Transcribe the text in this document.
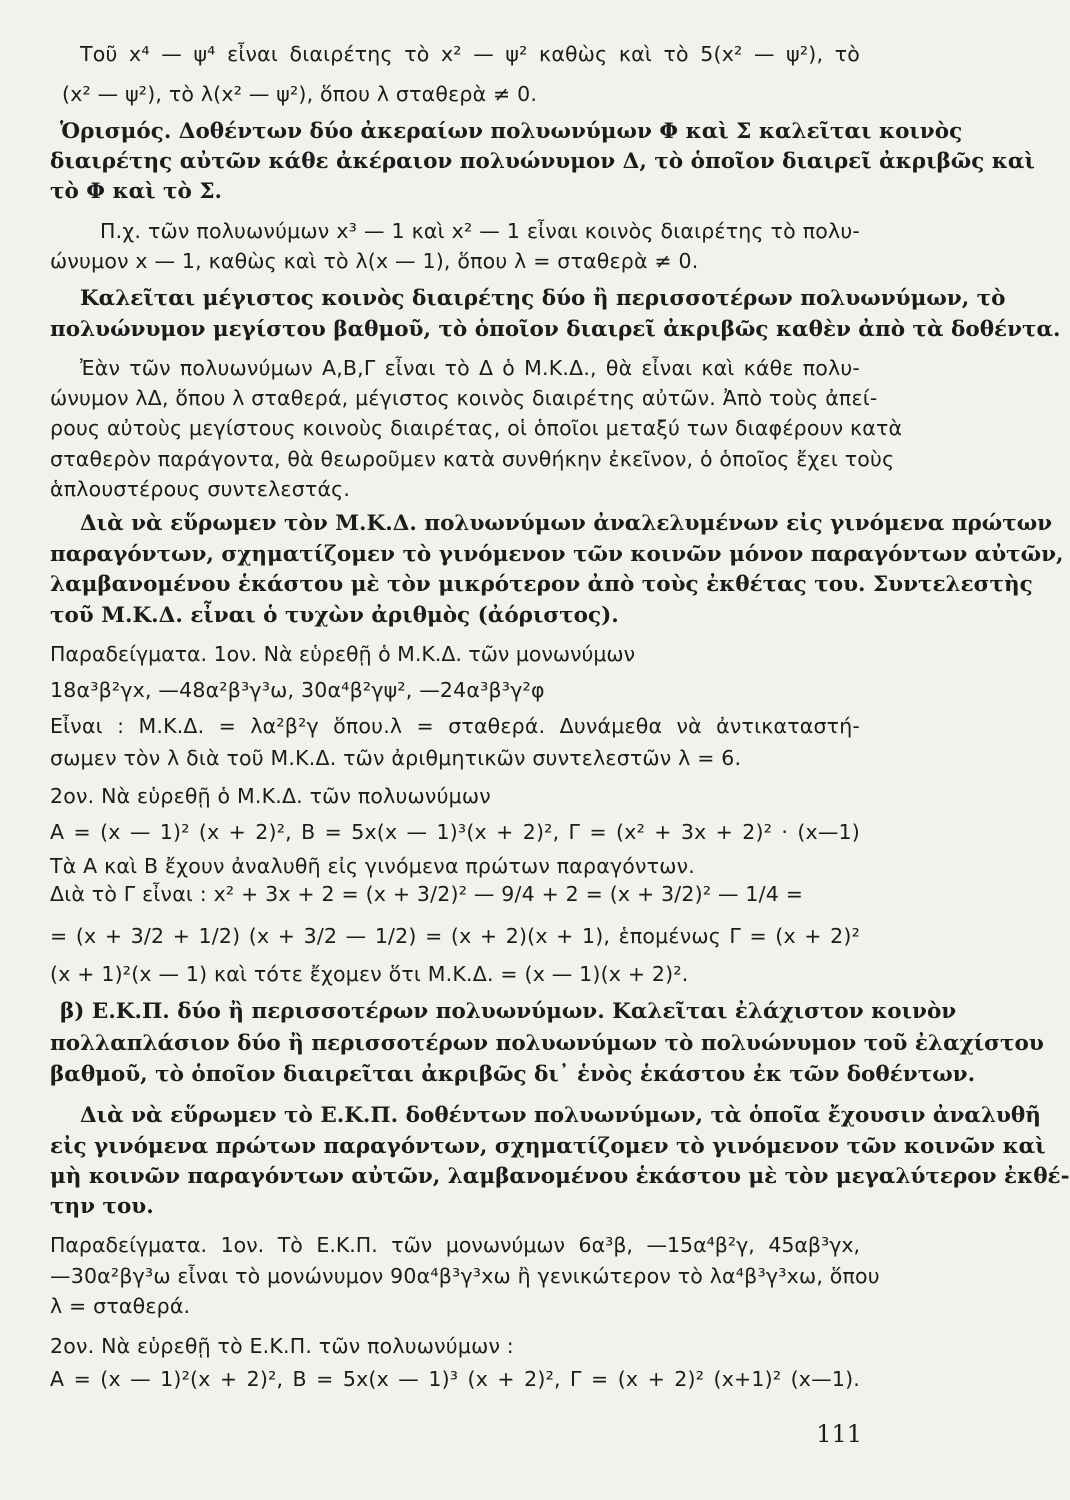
Τοῦ x⁴ — ψ⁴ εἶναι διαιρέτης τὸ x² — ψ² καθὼς καὶ τὸ 5(x² — ψ²), τὸ
(x² — ψ²), τὸ λ(x² — ψ²), ὅπου λ σταθερὰ ≠ 0.
Ὁρισμός. Δοθέντων δύο ἀκεραίων πολυωνύμων Φ καὶ Σ καλεῖται κοινὸς
διαιρέτης αὐτῶν κάθε ἀκέραιον πολυώνυμον Δ, τὸ ὁποῖον διαιρεῖ ἀκριβῶς καὶ
τὸ Φ καὶ τὸ Σ.
Π.χ. τῶν πολυωνύμων x³ — 1 καὶ x² — 1 εἶναι κοινὸς διαιρέτης τὸ πολυ-
ώνυμον x — 1, καθὼς καὶ τὸ λ(x — 1), ὅπου λ = σταθερὰ ≠ 0.
Καλεῖται μέγιστος κοινὸς διαιρέτης δύο ἢ περισσοτέρων πολυωνύμων, τὸ
πολυώνυμον μεγίστου βαθμοῦ, τὸ ὁποῖον διαιρεῖ ἀκριβῶς καθὲν ἀπὸ τὰ δοθέντα.
Ἐὰν τῶν πολυωνύμων Α,Β,Γ εἶναι τὸ Δ ὁ Μ.Κ.Δ., θὰ εἶναι καὶ κάθε πολυ-
ώνυμον λΔ, ὅπου λ σταθερά, μέγιστος κοινὸς διαιρέτης αὐτῶν. Ἀπὸ τοὺς ἀπεί-
ρους αὐτοὺς μεγίστους κοινοὺς διαιρέτας, οἱ ὁποῖοι μεταξύ των διαφέρουν κατὰ
σταθερὸν παράγοντα, θὰ θεωροῦμεν κατὰ συνθήκην ἐκεῖνον, ὁ ὁποῖος ἔχει τοὺς
ἁπλουστέρους συντελεστάς.
Διὰ νὰ εὕρωμεν τὸν Μ.Κ.Δ. πολυωνύμων ἀναλελυμένων εἰς γινόμενα πρώτων
παραγόντων, σχηματίζομεν τὸ γινόμενον τῶν κοινῶν μόνον παραγόντων αὐτῶν,
λαμβανομένου ἑκάστου μὲ τὸν μικρότερον ἀπὸ τοὺς ἐκθέτας του. Συντελεστὴς
τοῦ Μ.Κ.Δ. εἶναι ὁ τυχὼν ἀριθμὸς (ἀόριστος).
Παραδείγματα. 1ον. Νὰ εὑρεθῇ ὁ Μ.Κ.Δ. τῶν μονωνύμων
18α³β²γx, —48α²β³γ³ω, 30α⁴β²γψ², —24α³β³γ²φ
Εἶναι : Μ.Κ.Δ. = λα²β²γ ὅπου.λ = σταθερά. Δυνάμεθα νὰ ἀντικαταστή-
σωμεν τὸν λ διὰ τοῦ Μ.Κ.Δ. τῶν ἀριθμητικῶν συντελεστῶν λ = 6.
2ον. Νὰ εὑρεθῇ ὁ Μ.Κ.Δ. τῶν πολυωνύμων
Α = (x — 1)² (x + 2)², Β = 5x(x — 1)³(x + 2)², Γ = (x² + 3x + 2)² · (x—1)
Τὰ Α καὶ Β ἔχουν ἀναλυθῆ εἰς γινόμενα πρώτων παραγόντων.
Διὰ τὸ Γ εἶναι : x² + 3x + 2 = (x + 3/2)² — 9/4 + 2 = (x + 3/2)² — 1/4 =
= (x + 3/2 + 1/2) (x + 3/2 — 1/2) = (x + 2)(x + 1), ἑπομένως Γ = (x + 2)²
(x + 1)²(x — 1) καὶ τότε ἔχομεν ὅτι Μ.Κ.Δ. = (x — 1)(x + 2)².
β) Ε.Κ.Π. δύο ἢ περισσοτέρων πολυωνύμων. Καλεῖται ἐλάχιστον κοινὸν
πολλαπλάσιον δύο ἢ περισσοτέρων πολυωνύμων τὸ πολυώνυμον τοῦ ἐλαχίστου
βαθμοῦ, τὸ ὁποῖον διαιρεῖται ἀκριβῶς δι᾽ ἑνὸς ἑκάστου ἐκ τῶν δοθέντων.
Διὰ νὰ εὕρωμεν τὸ Ε.Κ.Π. δοθέντων πολυωνύμων, τὰ ὁποῖα ἔχουσιν ἀναλυθῆ
εἰς γινόμενα πρώτων παραγόντων, σχηματίζομεν τὸ γινόμενον τῶν κοινῶν καὶ
μὴ κοινῶν παραγόντων αὐτῶν, λαμβανομένου ἑκάστου μὲ τὸν μεγαλύτερον ἐκθέ-
την του.
Παραδείγματα. 1ον. Τὸ Ε.Κ.Π. τῶν μονωνύμων 6α³β, —15α⁴β²γ, 45αβ³γx,
—30α²βγ³ω εἶναι τὸ μονώνυμον 90α⁴β³γ³xω ἢ γενικώτερον τὸ λα⁴β³γ³xω, ὅπου
λ = σταθερά.
2ον. Νὰ εὑρεθῇ τὸ Ε.Κ.Π. τῶν πολυωνύμων :
Α = (x — 1)²(x + 2)², Β = 5x(x — 1)³ (x + 2)², Γ = (x + 2)² (x+1)² (x—1).
111
